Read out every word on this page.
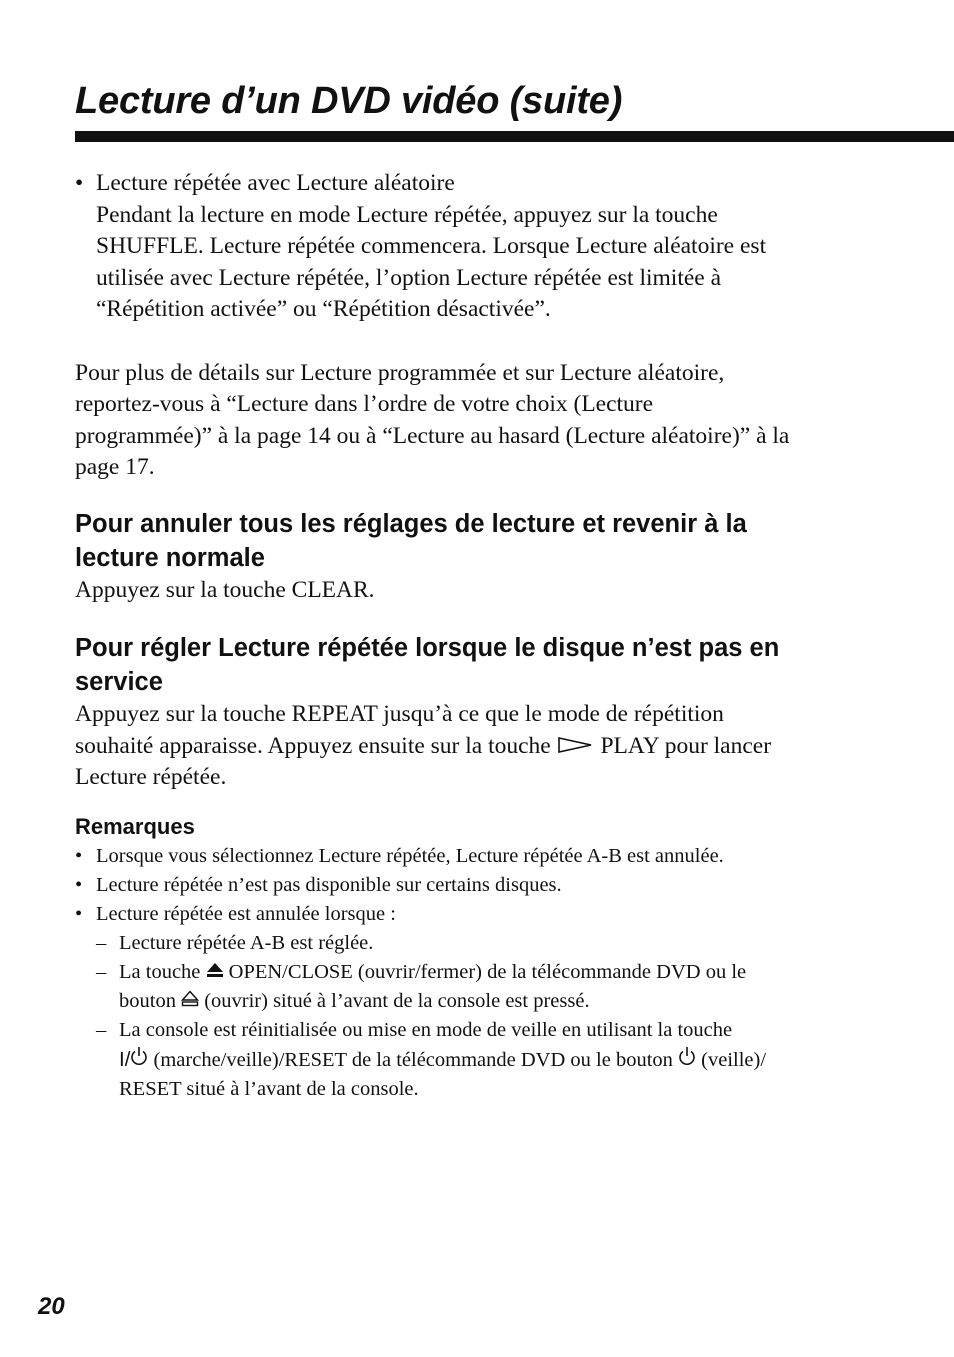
Lecture d’un DVD vidéo (suite)
• Lecture répétée avec Lecture aléatoire

Pendant la lecture en mode Lecture répétée, appuyez sur la touche

SHUFFLE. Lecture répétée commencera. Lorsque Lecture aléatoire est

utilisée avec Lecture répétée, l’option Lecture répétée est limitée à

“Répétition activée” ou “Répétition désactivée”.

Pour plus de détails sur Lecture programmée et sur Lecture aléatoire,

reportez-vous à “Lecture dans l’ordre de votre choix (Lecture

programmée)” à la page 14 ou à “Lecture au hasard (Lecture aléatoire)” à la

page 17.

Pour annuler tous les réglages de lecture et revenir à la
lecture normale

Appuyez sur la touche CLEAR.

Pour régler Lecture répétée lorsque le disque n’est pas en
service

Appuyez sur la touche REPEAT jusqu’à ce que le mode de répétition

souhaité apparaisse. Appuyez ensuite sur la touche PLAY pour lancer

Lecture répétée.

Remarques
• Lorsque vous sélectionnez Lecture répétée, Lecture répétée A-B est annulée.
• Lecture répétée n’est pas disponible sur certains disques.
• Lecture répétée est annulée lorsque :
– Lecture répétée A-B est réglée.
– La touche OPEN/CLOSE (ouvrir/fermer) de la télécommande DVD ou le
bouton (ouvrir) situé à l’avant de la console est pressé.
– La console est réinitialisée ou mise en mode de veille en utilisant la touche
I/ (marche/veille)/RESET de la télécommande DVD ou le bouton (veille)/
RESET situé à l’avant de la console.
20
